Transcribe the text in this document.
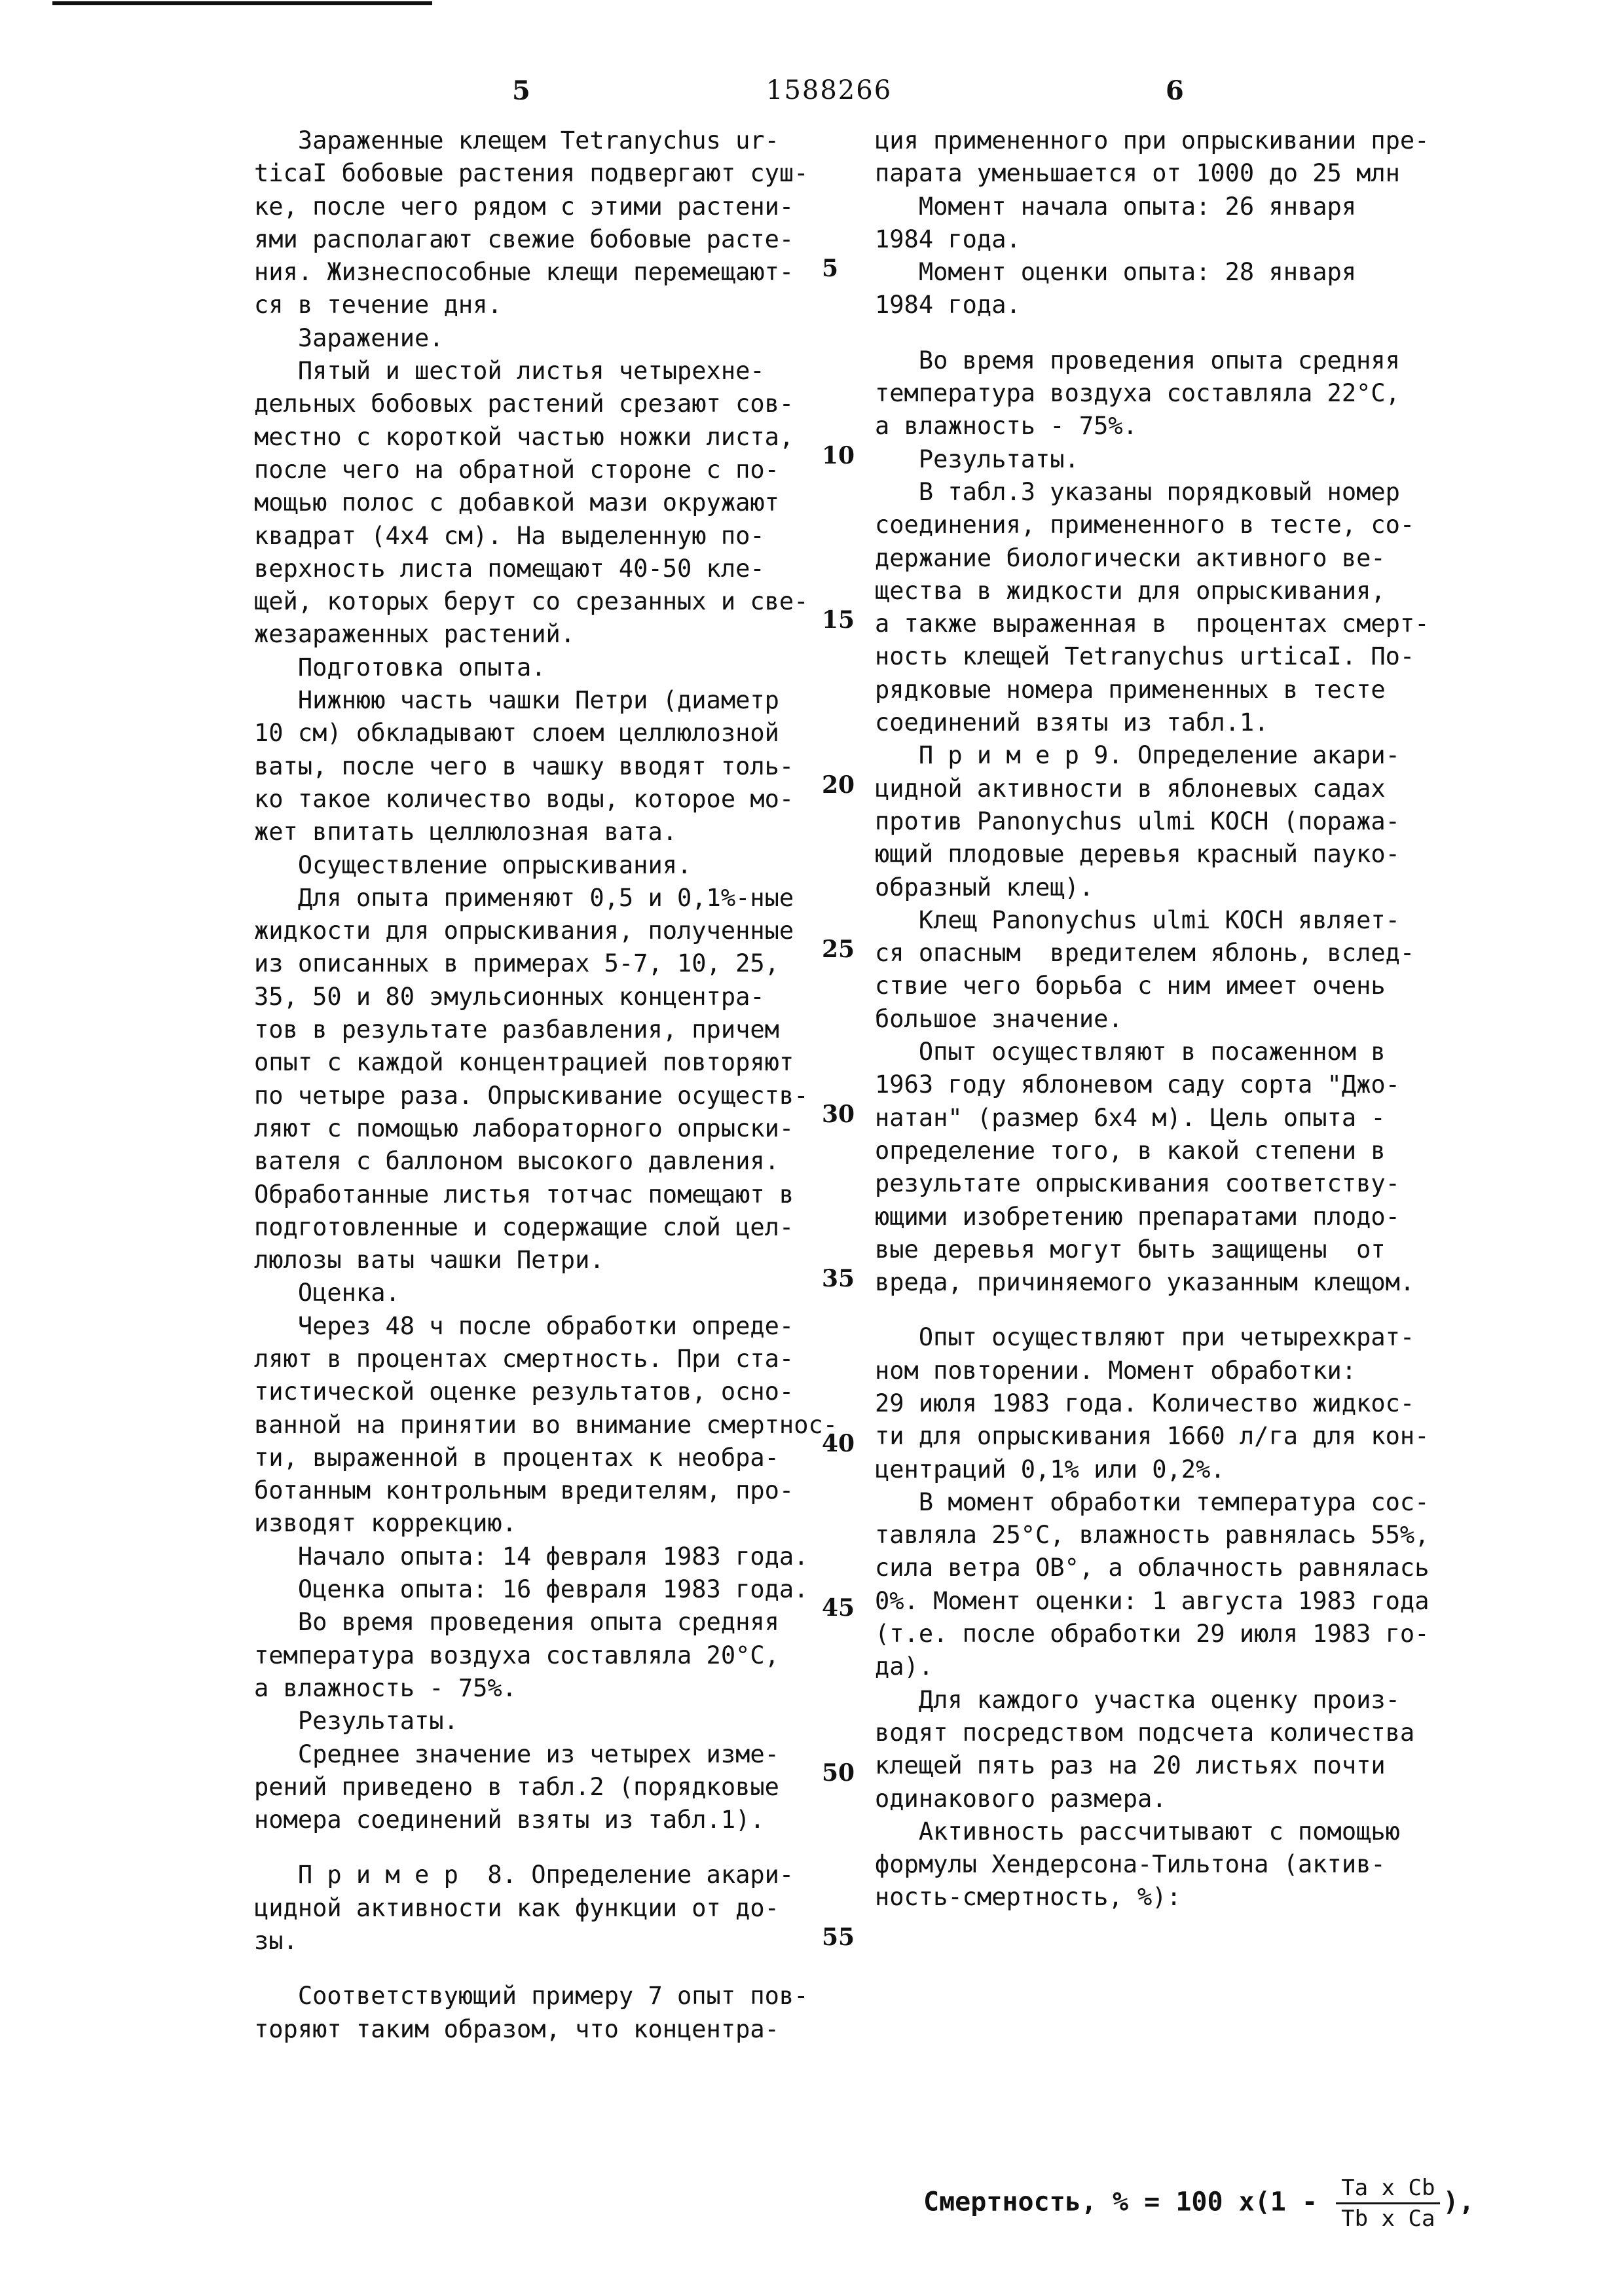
5	1588266	6
Зараженные клещем Tetranychus ur-
ticaI бобовые растения подвергают суш-
ке, после чего рядом с этими растени-
ями располагают свежие бобовые расте-
ния. Жизнеспособные клещи перемещают-
ся в течение дня.
Заражение.
Пятый и шестой листья четырехне-
дельных бобовых растений срезают сов-
местно с короткой частью ножки листа,
после чего на обратной стороне с по-
мощью полос с добавкой мази окружают
квадрат (4х4 см). На выделенную по-
верхность листа помещают 40-50 кле-
щей, которых берут со срезанных и све-
жезараженных растений.
Подготовка опыта.
Нижнюю часть чашки Петри (диаметр
10 см) обкладывают слоем целлюлозной
ваты, после чего в чашку вводят толь-
ко такое количество воды, которое мо-
жет впитать целлюлозная вата.
Осуществление опрыскивания.
Для опыта применяют 0,5 и 0,1%-ные
жидкости для опрыскивания, полученные
из описанных в примерах 5-7, 10, 25,
35, 50 и 80 эмульсионных концентра-
тов в результате разбавления, причем
опыт с каждой концентрацией повторяют
по четыре раза. Опрыскивание осуществ-
ляют с помощью лабораторного опрыски-
вателя с баллоном высокого давления.
Обработанные листья тотчас помещают в
подготовленные и содержащие слой цел-
люлозы ваты чашки Петри.
Оценка.
Через 48 ч после обработки опреде-
ляют в процентах смертность. При ста-
тистической оценке результатов, осно-
ванной на принятии во внимание смертнос-
ти, выраженной в процентах к необра-
ботанным контрольным вредителям, про-
изводят коррекцию.
Начало опыта: 14 февраля 1983 года.
Оценка опыта: 16 февраля 1983 года.
Во время проведения опыта средняя
температура воздуха составляла 20°С,
а влажность - 75%.
Результаты.
Среднее значение из четырех изме-
рений приведено в табл.2 (порядковые
номера соединений взяты из табл.1).
П р и м е р  8. Определение акари-
цидной активности как функции от до-
зы.
Соответствующий примеру 7 опыт пов-
торяют таким образом, что концентра-
5
10
15
20
25
30
35
40
45
50
55
ция примененного при опрыскивании пре-
парата уменьшается от 1000 до 25 млн
Момент начала опыта: 26 января
1984 года.
Момент оценки опыта: 28 января
1984 года.
Во время проведения опыта средняя
температура воздуха составляла 22°С,
а влажность - 75%.
Результаты.
В табл.3 указаны порядковый номер
соединения, примененного в тесте, со-
держание биологически активного ве-
щества в жидкости для опрыскивания,
а также выраженная в  процентах смерт-
ность клещей Tetranychus urticaI. По-
рядковые номера примененных в тесте
соединений взяты из табл.1.
П р и м е р 9. Определение акари-
цидной активности в яблоневых садах
против Panonychus ulmi KOCH (поража-
ющий плодовые деревья красный пауко-
образный клещ).
Клещ Panonychus ulmi KOCH являет-
ся опасным  вредителем яблонь, вслед-
ствие чего борьба с ним имеет очень
большое значение.
Опыт осуществляют в посаженном в
1963 году яблоневом саду сорта "Джо-
натан" (размер 6х4 м). Цель опыта -
определение того, в какой степени в
результате опрыскивания соответству-
ющими изобретению препаратами плодо-
вые деревья могут быть защищены  от
вреда, причиняемого указанным клещом.
Опыт осуществляют при четырехкрат-
ном повторении. Момент обработки:
29 июля 1983 года. Количество жидкос-
ти для опрыскивания 1660 л/га для кон-
центраций 0,1% или 0,2%.
В момент обработки температура сос-
тавляла 25°С, влажность равнялась 55%,
сила ветра ОВ°, а облачность равнялась
0%. Момент оценки: 1 августа 1983 года
(т.е. после обработки 29 июля 1983 го-
да).
Для каждого участка оценку произ-
водят посредством подсчета количества
клещей пять раз на 20 листьях почти
одинакового размера.
Активность рассчитывают с помощью
формулы Хендерсона-Тильтона (актив-
ность-смертность, %):
Смертность, % = 100 $х(1 - \frac{\text{Ta х Cb}}{\text{Tb х Ca}}$ ),
